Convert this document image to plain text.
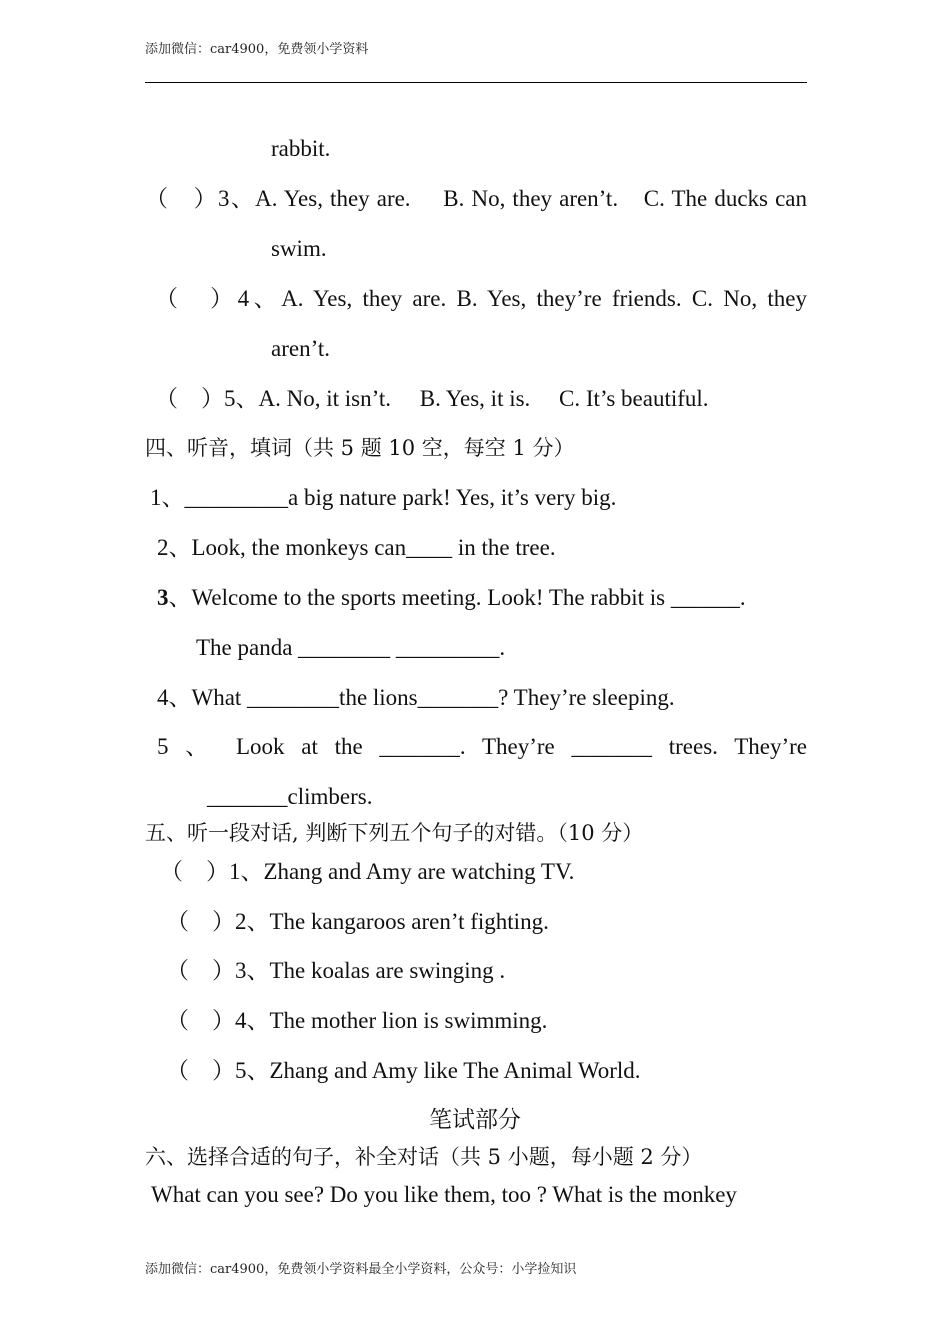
添加微信：car4900，免费领小学资料
rabbit.
（　）3、A. Yes, they are.　 B. No, they aren’t.　C. The ducks can
swim.
（　）4、A. Yes, they are. B. Yes, they’re friends. C. No, they
aren’t.
（　）5、A. No, it isn’t.　 B. Yes, it is.　 C. It’s beautiful.
四、听音，填词（共 5 题 10 空，每空 1 分）
1、_________a big nature park! Yes, it’s very big.
2、Look, the monkeys can____ in the tree.
3、Welcome to the sports meeting. Look! The rabbit is ______.
The panda ________ _________.
4、What ________the lions_______? They’re sleeping.
5 、 Look at the _______. They’re _______ trees. They’re
_______climbers.
五、听一段对话, 判断下列五个句子的对错。（10 分）
（　）1、Zhang and Amy are watching TV.
（　）2、The kangaroos aren’t fighting.
（　）3、The koalas are swinging .
（　）4、The mother lion is swimming.
（　）5、Zhang and Amy like The Animal World.
笔试部分
六、选择合适的句子，补全对话（共 5 小题，每小题 2 分）
What can you see? Do you like them, too ? What is the monkey
添加微信：car4900，免费领小学资料最全小学资料，公众号：小学捡知识
